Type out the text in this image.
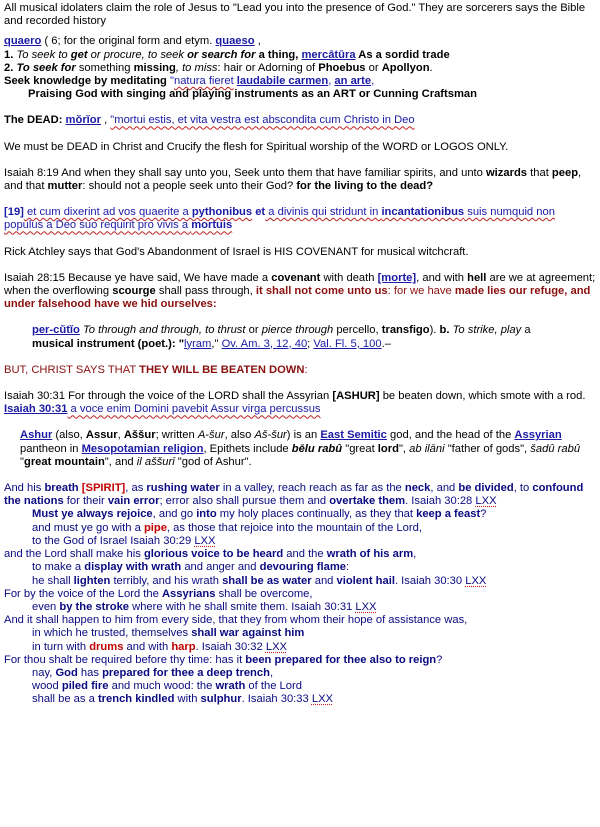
All musical idolaters claim the role of Jesus to "Lead you into the presence of God." They are sorcerers says the Bible and recorded history

quaero ( 6; for the original form and etym. quaeso ,

1. To seek to get or procure, to seek or search for a thing, mercātūra As a sordid trade

2. To seek for something missing, to miss: hair or Adorning of Phoebus or Apollyon.

Seek knowledge by meditating "natura fieret laudabile carmen, an arte,

Praising God with singing and playing instruments as an ART or Cunning Craftsman

The DEAD: mŏrĭor , "mortui estis, et vita vestra est abscondita cum Christo in Deo

We must be DEAD in Christ and Crucify the flesh for Spiritual worship of the WORD or LOGOS ONLY.

Isaiah 8:19 And when they shall say unto you, Seek unto them that have familiar spirits, and unto wizards that peep, and that mutter: should not a people seek unto their God? for the living to the dead?

[19] et cum dixerint ad vos quaerite a pythonibus et a divinis qui stridunt in incantationibus suis numquid non populus a Deo suo requirit pro vivis a mortuis

Rick Atchley says that God's Abandonment of Israel is HIS COVENANT for musical witchcraft.

Isaiah 28:15 Because ye have said, We have made a covenant with death [morte], and with hell are we at agreement; when the overflowing scourge shall pass through, it shall not come unto us: for we have made lies our refuge, and under falsehood have we hid ourselves:

per-cŭtĭo To through and through, to thrust or pierce through percello, transfigo). b. To strike, play a musical instrument (poet.): "lyram," Ov. Am. 3, 12, 40; Val. Fl. 5, 100.–

BUT, CHRIST SAYS THAT THEY WILL BE BEATEN DOWN:

Isaiah 30:31 For through the voice of the LORD shall the Assyrian [ASHUR] be beaten down, which smote with a rod. Isaiah 30:31 a voce enim Domini pavebit Assur virga percussus

Ashur (also, Assur, Aššur; written A-šur, also Aš-šur) is an East Semitic god, and the head of the Assyrian pantheon in Mesopotamian religion, Epithets include bēlu rabû "great lord", ab ilāni "father of gods", šadû rabû "great mountain", and il aššurī "god of Ashur".

And his breath [SPIRIT], as rushing water in a valley, reach reach as far as the neck, and be divided, to confound the nations for their vain error; error also shall pursue them and overtake them. Isaiah 30:28 LXX

Must ye always rejoice, and go into my holy places continually, as they that keep a feast?

and must ye go with a pipe, as those that rejoice into the mountain of the Lord,

to the God of Israel Isaiah 30:29 LXX

and the Lord shall make his glorious voice to be heard and the wrath of his arm,

to make a display with wrath and anger and devouring flame:

he shall lighten terribly, and his wrath shall be as water and violent hail. Isaiah 30:30 LXX

For by the voice of the Lord the Assyrians shall be overcome,

even by the stroke where with he shall smite them. Isaiah 30:31 LXX

And it shall happen to him from every side, that they from whom their hope of assistance was,

in which he trusted, themselves shall war against him

in turn with drums and with harp. Isaiah 30:32 LXX

For thou shalt be required before thy time: has it been prepared for thee also to reign?

nay, God has prepared for thee a deep trench,

wood piled fire and much wood: the wrath of the Lord

shall be as a trench kindled with sulphur. Isaiah 30:33 LXX
